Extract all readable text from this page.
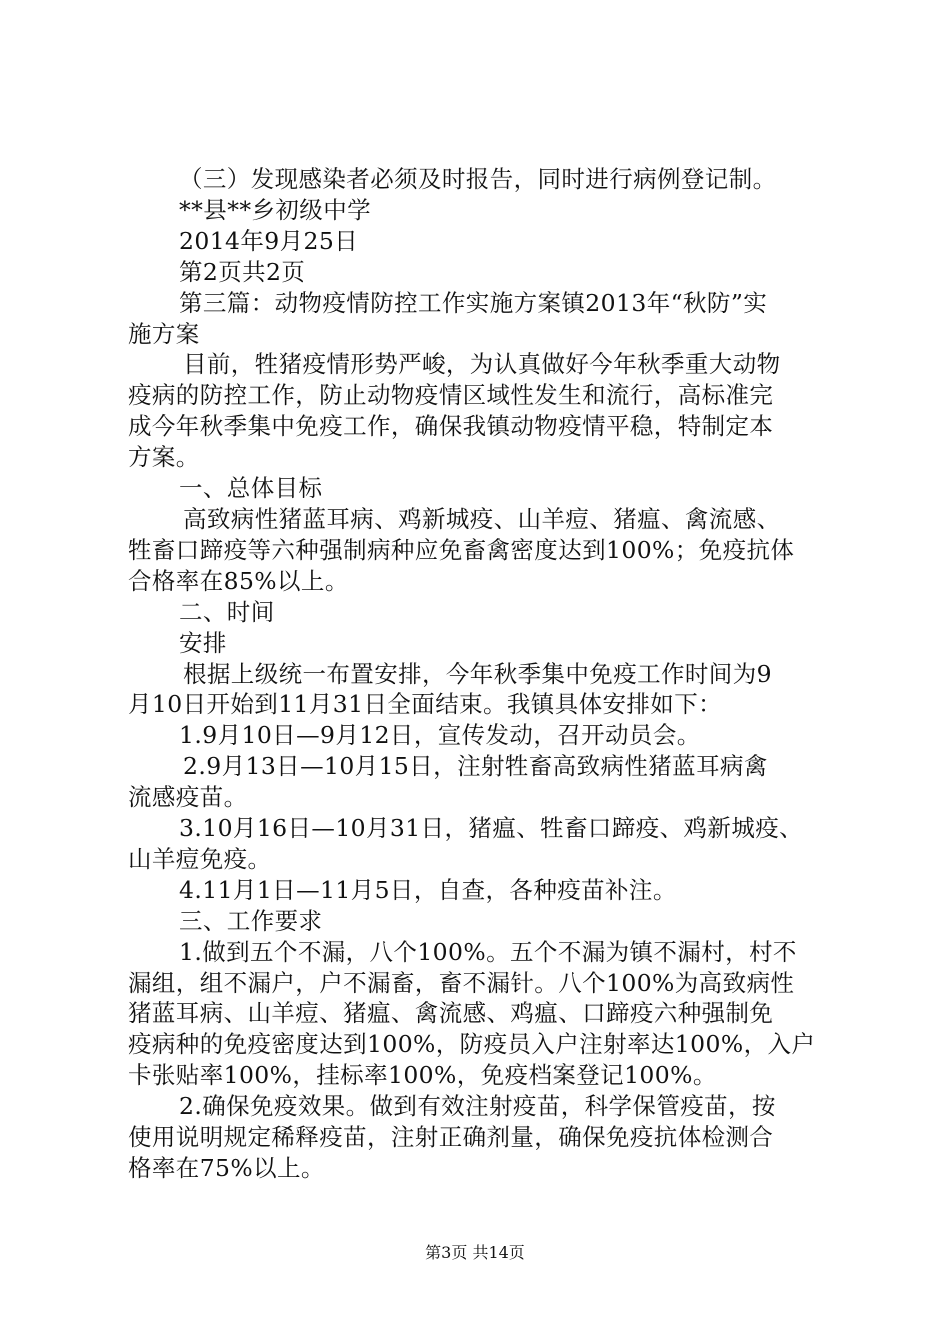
（三）发现感染者必须及时报告，同时进行病例登记制。
**县**乡初级中学
2014年9月25日
第2页共2页
第三篇：动物疫情防控工作实施方案镇2013年“秋防”实
施方案
目前，牲猪疫情形势严峻，为认真做好今年秋季重大动物
疫病的防控工作，防止动物疫情区域性发生和流行，高标准完
成今年秋季集中免疫工作，确保我镇动物疫情平稳，特制定本
方案。
一、总体目标
高致病性猪蓝耳病、鸡新城疫、山羊痘、猪瘟、禽流感、
牲畜口蹄疫等六种强制病种应免畜禽密度达到100%；免疫抗体
合格率在85%以上。
二、时间
安排
根据上级统一布置安排，今年秋季集中免疫工作时间为9
月10日开始到11月31日全面结束。我镇具体安排如下：
1.9月10日—9月12日，宣传发动，召开动员会。
2.9月13日—10月15日，注射牲畜高致病性猪蓝耳病禽
流感疫苗。
3.10月16日—10月31日，猪瘟、牲畜口蹄疫、鸡新城疫、
山羊痘免疫。
4.11月1日—11月5日，自查，各种疫苗补注。
三、工作要求
1.做到五个不漏，八个100%。五个不漏为镇不漏村，村不
漏组，组不漏户，户不漏畜，畜不漏针。八个100%为高致病性
猪蓝耳病、山羊痘、猪瘟、禽流感、鸡瘟、口蹄疫六种强制免
疫病种的免疫密度达到100%，防疫员入户注射率达100%，入户
卡张贴率100%，挂标率100%，免疫档案登记100%。
2.确保免疫效果。做到有效注射疫苗，科学保管疫苗，按
使用说明规定稀释疫苗，注射正确剂量，确保免疫抗体检测合
格率在75%以上。
第3页 共14页
